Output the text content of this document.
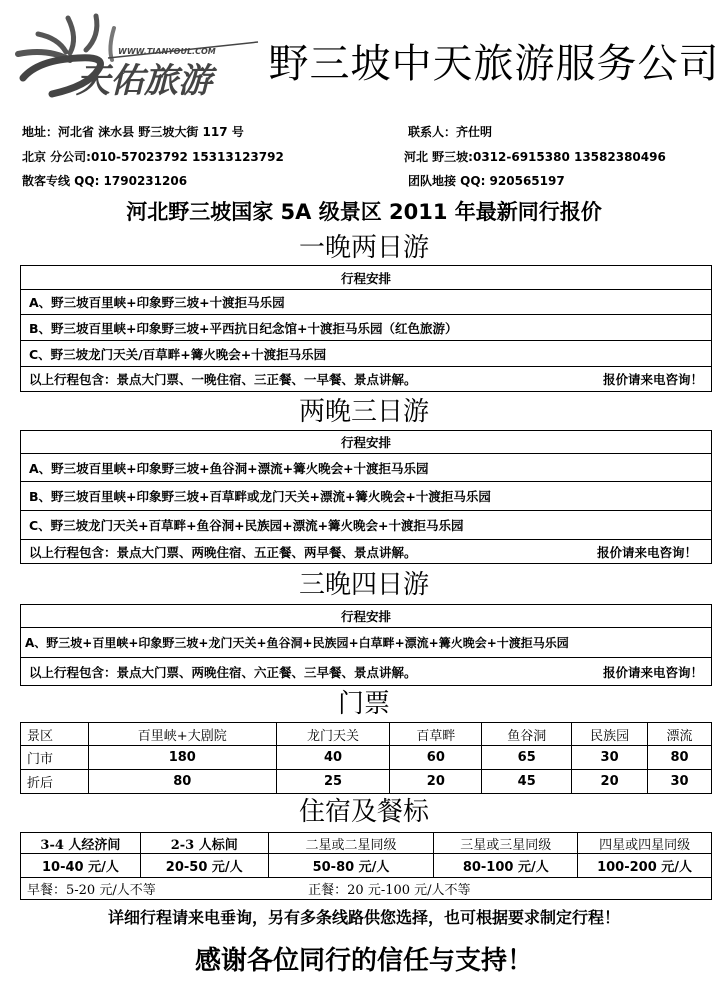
WWW.TIANYOUL.COM
天佑旅游 野三坡中天旅游服务公司
地址：河北省 涞水县 野三坡大街 117 号	联系人：齐仕明
北京 分公司:010-57023792 15313123792	河北 野三坡:0312-6915380 13582380496
散客专线 QQ: 1790231206	团队地接 QQ: 920565197
河北野三坡国家 5A 级景区 2011 年最新同行报价
一晚两日游
行程安排
A、野三坡百里峡+印象野三坡+十渡拒马乐园
B、野三坡百里峡+印象野三坡+平西抗日纪念馆+十渡拒马乐园（红色旅游）
C、野三坡龙门天关/百草畔+篝火晚会+十渡拒马乐园
以上行程包含：景点大门票、一晚住宿、三正餐、一早餐、景点讲解。	报价请来电咨询！
两晚三日游
行程安排
A、野三坡百里峡+印象野三坡+鱼谷洞+漂流+篝火晚会+十渡拒马乐园
B、野三坡百里峡+印象野三坡+百草畔或龙门天关+漂流+篝火晚会+十渡拒马乐园
C、野三坡龙门天关+百草畔+鱼谷洞+民族园+漂流+篝火晚会+十渡拒马乐园
以上行程包含：景点大门票、两晚住宿、五正餐、两早餐、景点讲解。	报价请来电咨询！
三晚四日游
行程安排
A、野三坡+百里峡+印象野三坡+龙门天关+鱼谷洞+民族园+白草畔+漂流+篝火晚会+十渡拒马乐园
以上行程包含：景点大门票、两晚住宿、六正餐、三早餐、景点讲解。	报价请来电咨询！
门票
景区	百里峡+大剧院	龙门天关	百草畔	鱼谷洞	民族园	漂流
门市	180	40	60	65	30	80
折后	80	25	20	45	20	30
住宿及餐标
3-4 人经济间	2-3 人标间	二星或二星同级	三星或三星同级	四星或四星同级
10-40 元/人	20-50 元/人	50-80 元/人	80-100 元/人	100-200 元/人
早餐：5-20 元/人不等		正餐：20 元-100 元/人不等		
详细行程请来电垂询，另有多条线路供您选择，也可根据要求制定行程！
感谢各位同行的信任与支持！
